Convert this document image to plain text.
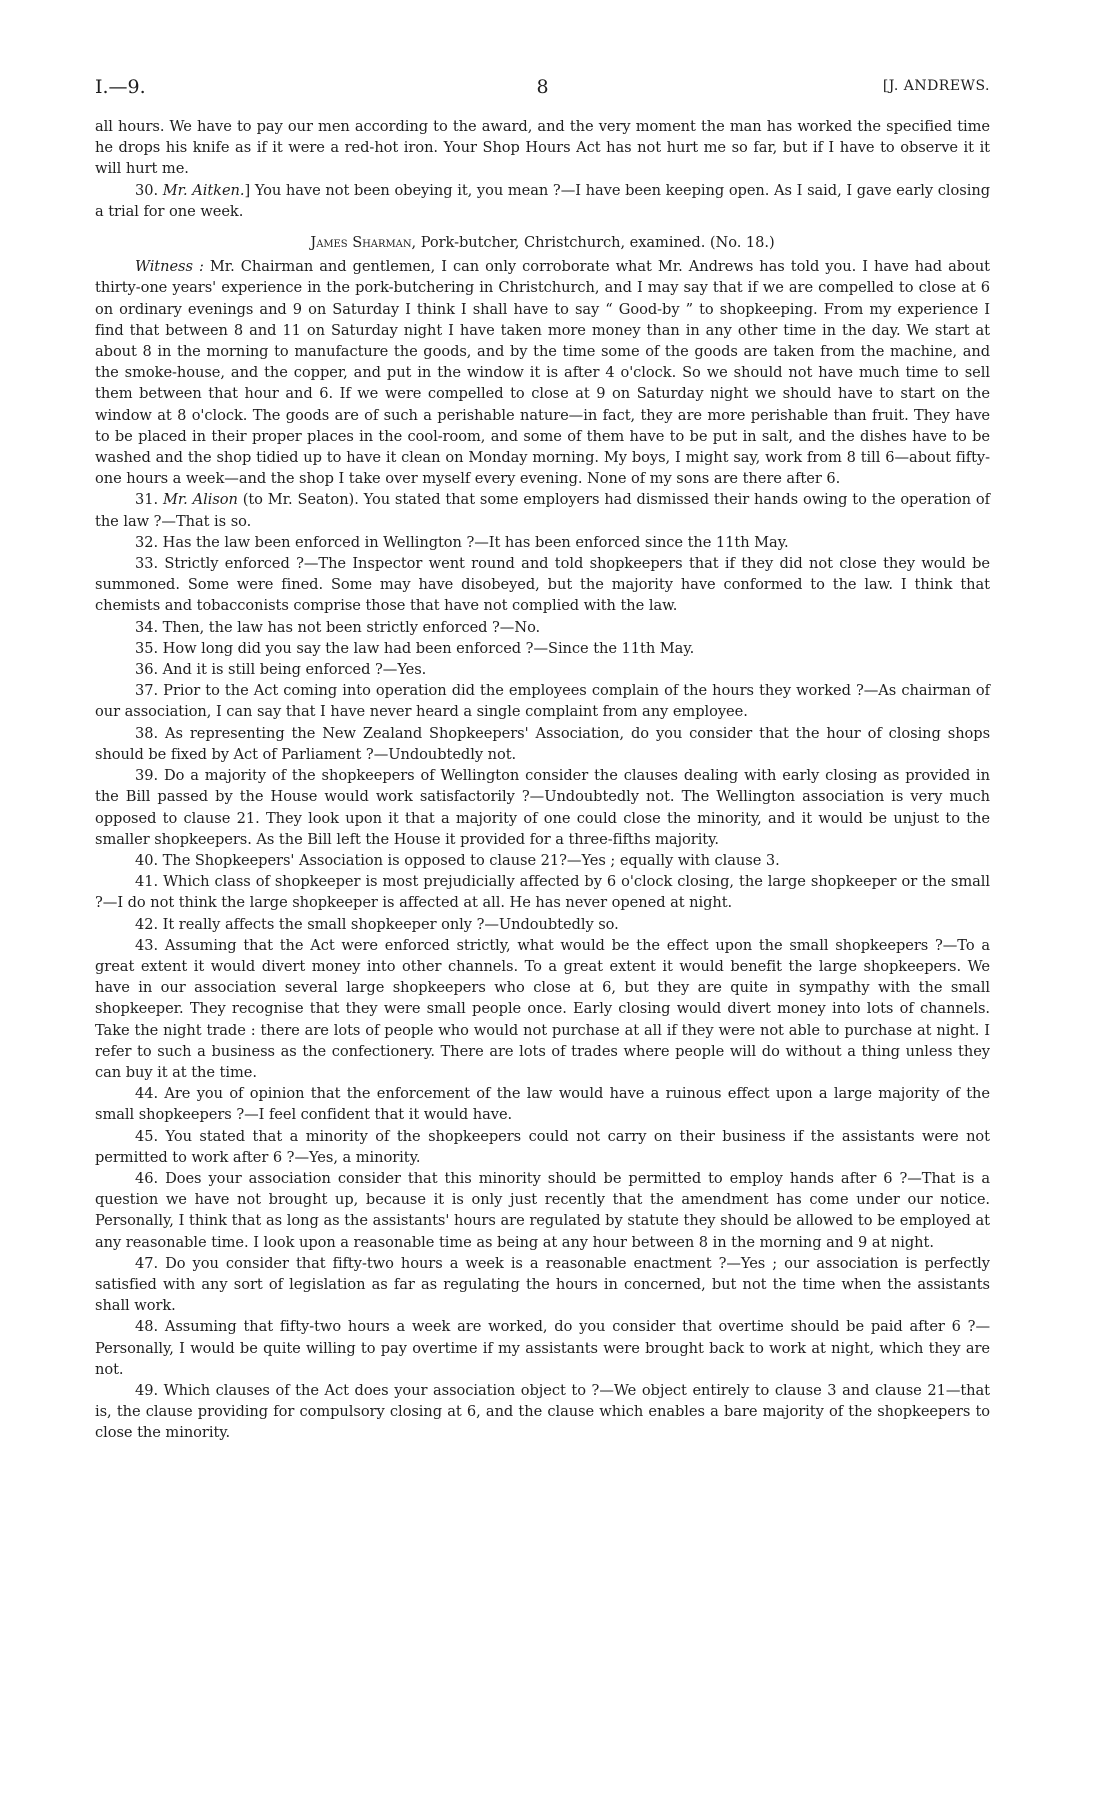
I.—9.	8	[J. ANDREWS.

all hours. We have to pay our men according to the award, and the very moment the man has worked the specified time he drops his knife as if it were a red-hot iron. Your Shop Hours Act has not hurt me so far, but if I have to observe it it will hurt me.

30. Mr. Aitken.] You have not been obeying it, you mean ?—I have been keeping open. As I said, I gave early closing a trial for one week.

James Sharman, Pork-butcher, Christchurch, examined. (No. 18.)

Witness : Mr. Chairman and gentlemen, I can only corroborate what Mr. Andrews has told you. I have had about thirty-one years' experience in the pork-butchering in Christchurch, and I may say that if we are compelled to close at 6 on ordinary evenings and 9 on Saturday I think I shall have to say “ Good-by ” to shopkeeping. From my experience I find that between 8 and 11 on Saturday night I have taken more money than in any other time in the day. We start at about 8 in the morning to manufacture the goods, and by the time some of the goods are taken from the machine, and the smoke-house, and the copper, and put in the window it is after 4 o'clock. So we should not have much time to sell them between that hour and 6. If we were compelled to close at 9 on Saturday night we should have to start on the window at 8 o'clock. The goods are of such a perishable nature—in fact, they are more perishable than fruit. They have to be placed in their proper places in the cool-room, and some of them have to be put in salt, and the dishes have to be washed and the shop tidied up to have it clean on Monday morning. My boys, I might say, work from 8 till 6—about fifty-one hours a week—and the shop I take over myself every evening. None of my sons are there after 6.

31. Mr. Alison (to Mr. Seaton). You stated that some employers had dismissed their hands owing to the operation of the law ?—That is so.

32. Has the law been enforced in Wellington ?—It has been enforced since the 11th May.

33. Strictly enforced ?—The Inspector went round and told shopkeepers that if they did not close they would be summoned. Some were fined. Some may have disobeyed, but the majority have conformed to the law. I think that chemists and tobacconists comprise those that have not complied with the law.

34. Then, the law has not been strictly enforced ?—No.

35. How long did you say the law had been enforced ?—Since the 11th May.

36. And it is still being enforced ?—Yes.

37. Prior to the Act coming into operation did the employees complain of the hours they worked ?—As chairman of our association, I can say that I have never heard a single complaint from any employee.

38. As representing the New Zealand Shopkeepers' Association, do you consider that the hour of closing shops should be fixed by Act of Parliament ?—Undoubtedly not.

39. Do a majority of the shopkeepers of Wellington consider the clauses dealing with early closing as provided in the Bill passed by the House would work satisfactorily ?—Undoubtedly not. The Wellington association is very much opposed to clause 21. They look upon it that a majority of one could close the minority, and it would be unjust to the smaller shopkeepers. As the Bill left the House it provided for a three-fifths majority.

40. The Shopkeepers' Association is opposed to clause 21?—Yes ; equally with clause 3.

41. Which class of shopkeeper is most prejudicially affected by 6 o'clock closing, the large shopkeeper or the small ?—I do not think the large shopkeeper is affected at all. He has never opened at night.

42. It really affects the small shopkeeper only ?—Undoubtedly so.

43. Assuming that the Act were enforced strictly, what would be the effect upon the small shopkeepers ?—To a great extent it would divert money into other channels. To a great extent it would benefit the large shopkeepers. We have in our association several large shopkeepers who close at 6, but they are quite in sympathy with the small shopkeeper. They recognise that they were small people once. Early closing would divert money into lots of channels. Take the night trade : there are lots of people who would not purchase at all if they were not able to purchase at night. I refer to such a business as the confectionery. There are lots of trades where people will do without a thing unless they can buy it at the time.

44. Are you of opinion that the enforcement of the law would have a ruinous effect upon a large majority of the small shopkeepers ?—I feel confident that it would have.

45. You stated that a minority of the shopkeepers could not carry on their business if the assistants were not permitted to work after 6 ?—Yes, a minority.

46. Does your association consider that this minority should be permitted to employ hands after 6 ?—That is a question we have not brought up, because it is only just recently that the amendment has come under our notice. Personally, I think that as long as the assistants' hours are regulated by statute they should be allowed to be employed at any reasonable time. I look upon a reasonable time as being at any hour between 8 in the morning and 9 at night.

47. Do you consider that fifty-two hours a week is a reasonable enactment ?—Yes ; our association is perfectly satisfied with any sort of legislation as far as regulating the hours in concerned, but not the time when the assistants shall work.

48. Assuming that fifty-two hours a week are worked, do you consider that overtime should be paid after 6 ?—Personally, I would be quite willing to pay overtime if my assistants were brought back to work at night, which they are not.

49. Which clauses of the Act does your association object to ?—We object entirely to clause 3 and clause 21—that is, the clause providing for compulsory closing at 6, and the clause which enables a bare majority of the shopkeepers to close the minority.
